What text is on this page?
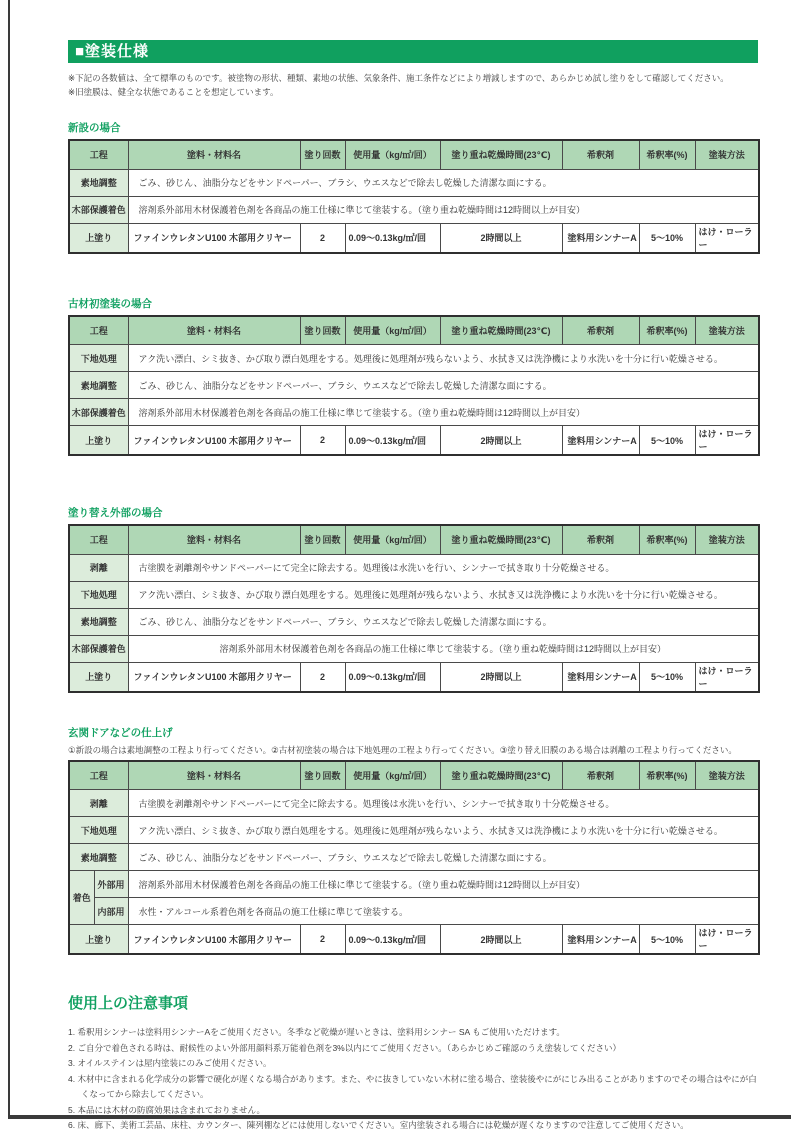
■塗装仕様
※下記の各数値は、全て標準のものです。被塗物の形状、種類、素地の状態、気象条件、施工条件などにより増減しますので、あらかじめ試し塗りをして確認してください。
※旧塗膜は、健全な状態であることを想定しています。
新設の場合
工程	塗料・材料名	塗り回数	使用量（kg/㎡/回）	塗り重ね乾燥時間(23℃)	希釈剤	希釈率(%)	塗装方法
素地調整	ごみ、砂じん、油脂分などをサンドペーパー、ブラシ、ウエスなどで除去し乾燥した清潔な面にする。						
木部保護着色	溶剤系外部用木材保護着色剤を各商品の施工仕様に準じて塗装する。（塗り重ね乾燥時間は12時間以上が目安）						
上塗り	ファインウレタンU100 木部用クリヤー	2	0.09〜0.13kg/㎡/回	2時間以上	塗料用シンナーA	5〜10%	はけ・ローラー
古材初塗装の場合
工程	塗料・材料名	塗り回数	使用量（kg/㎡/回）	塗り重ね乾燥時間(23℃)	希釈剤	希釈率(%)	塗装方法
下地処理	アク洗い漂白、シミ抜き、かび取り漂白処理をする。処理後に処理剤が残らないよう、水拭き又は洗浄機により水洗いを十分に行い乾燥させる。						
素地調整	ごみ、砂じん、油脂分などをサンドペーパー、ブラシ、ウエスなどで除去し乾燥した清潔な面にする。						
木部保護着色	溶剤系外部用木材保護着色剤を各商品の施工仕様に準じて塗装する。（塗り重ね乾燥時間は12時間以上が目安）						
上塗り	ファインウレタンU100 木部用クリヤー	2	0.09〜0.13kg/㎡/回	2時間以上	塗料用シンナーA	5〜10%	はけ・ローラー
塗り替え外部の場合
工程	塗料・材料名	塗り回数	使用量（kg/㎡/回）	塗り重ね乾燥時間(23℃)	希釈剤	希釈率(%)	塗装方法
剥離	古塗膜を剥離剤やサンドペーパーにて完全に除去する。処理後は水洗いを行い、シンナーで拭き取り十分乾燥させる。						
下地処理	アク洗い漂白、シミ抜き、かび取り漂白処理をする。処理後に処理剤が残らないよう、水拭き又は洗浄機により水洗いを十分に行い乾燥させる。						
素地調整	ごみ、砂じん、油脂分などをサンドペーパー、ブラシ、ウエスなどで除去し乾燥した清潔な面にする。						
木部保護着色	溶剤系外部用木材保護着色剤を各商品の施工仕様に準じて塗装する。（塗り重ね乾燥時間は12時間以上が目安）						
上塗り	ファインウレタンU100 木部用クリヤー	2	0.09〜0.13kg/㎡/回	2時間以上	塗料用シンナーA	5〜10%	はけ・ローラー
玄関ドアなどの仕上げ
①新設の場合は素地調整の工程より行ってください。②古材初塗装の場合は下地処理の工程より行ってください。③塗り替え旧膜のある場合は剥離の工程より行ってください。
工程		塗料・材料名	塗り回数	使用量（kg/㎡/回）	塗り重ね乾燥時間(23℃)	希釈剤	希釈率(%)	塗装方法
剥離		古塗膜を剥離剤やサンドペーパーにて完全に除去する。処理後は水洗いを行い、シンナーで拭き取り十分乾燥させる。						
下地処理		アク洗い漂白、シミ抜き、かび取り漂白処理をする。処理後に処理剤が残らないよう、水拭き又は洗浄機により水洗いを十分に行い乾燥させる。						
素地調整		ごみ、砂じん、油脂分などをサンドペーパー、ブラシ、ウエスなどで除去し乾燥した清潔な面にする。						
着色	外部用	溶剤系外部用木材保護着色剤を各商品の施工仕様に準じて塗装する。（塗り重ね乾燥時間は12時間以上が目安）						
	内部用	水性・アルコール系着色剤を各商品の施工仕様に準じて塗装する。						
上塗り		ファインウレタンU100 木部用クリヤー	2	0.09〜0.13kg/㎡/回	2時間以上	塗料用シンナーA	5〜10%	はけ・ローラー
使用上の注意事項
1. 希釈用シンナーは塗料用シンナーAをご使用ください。冬季など乾燥が遅いときは、塗料用シンナー SA もご使用いただけます。
2. ご自分で着色される時は、耐候性のよい外部用顔料系万能着色剤を3%以内にてご使用ください。（あらかじめご確認のうえ塗装してください）
3. オイルステインは屋内塗装にのみご使用ください。
4. 木材中に含まれる化学成分の影響で硬化が遅くなる場合があります。また、やに抜きしていない木材に塗る場合、塗装後やにがにじみ出ることがありますのでその場合はやにが白くなってから除去してください。
5. 本品には木材の防腐効果は含まれておりません。
6. 床、廊下、美術工芸品、床柱、カウンター、陳列棚などには使用しないでください。室内塗装される場合には乾燥が遅くなりますので注意してご使用ください。
